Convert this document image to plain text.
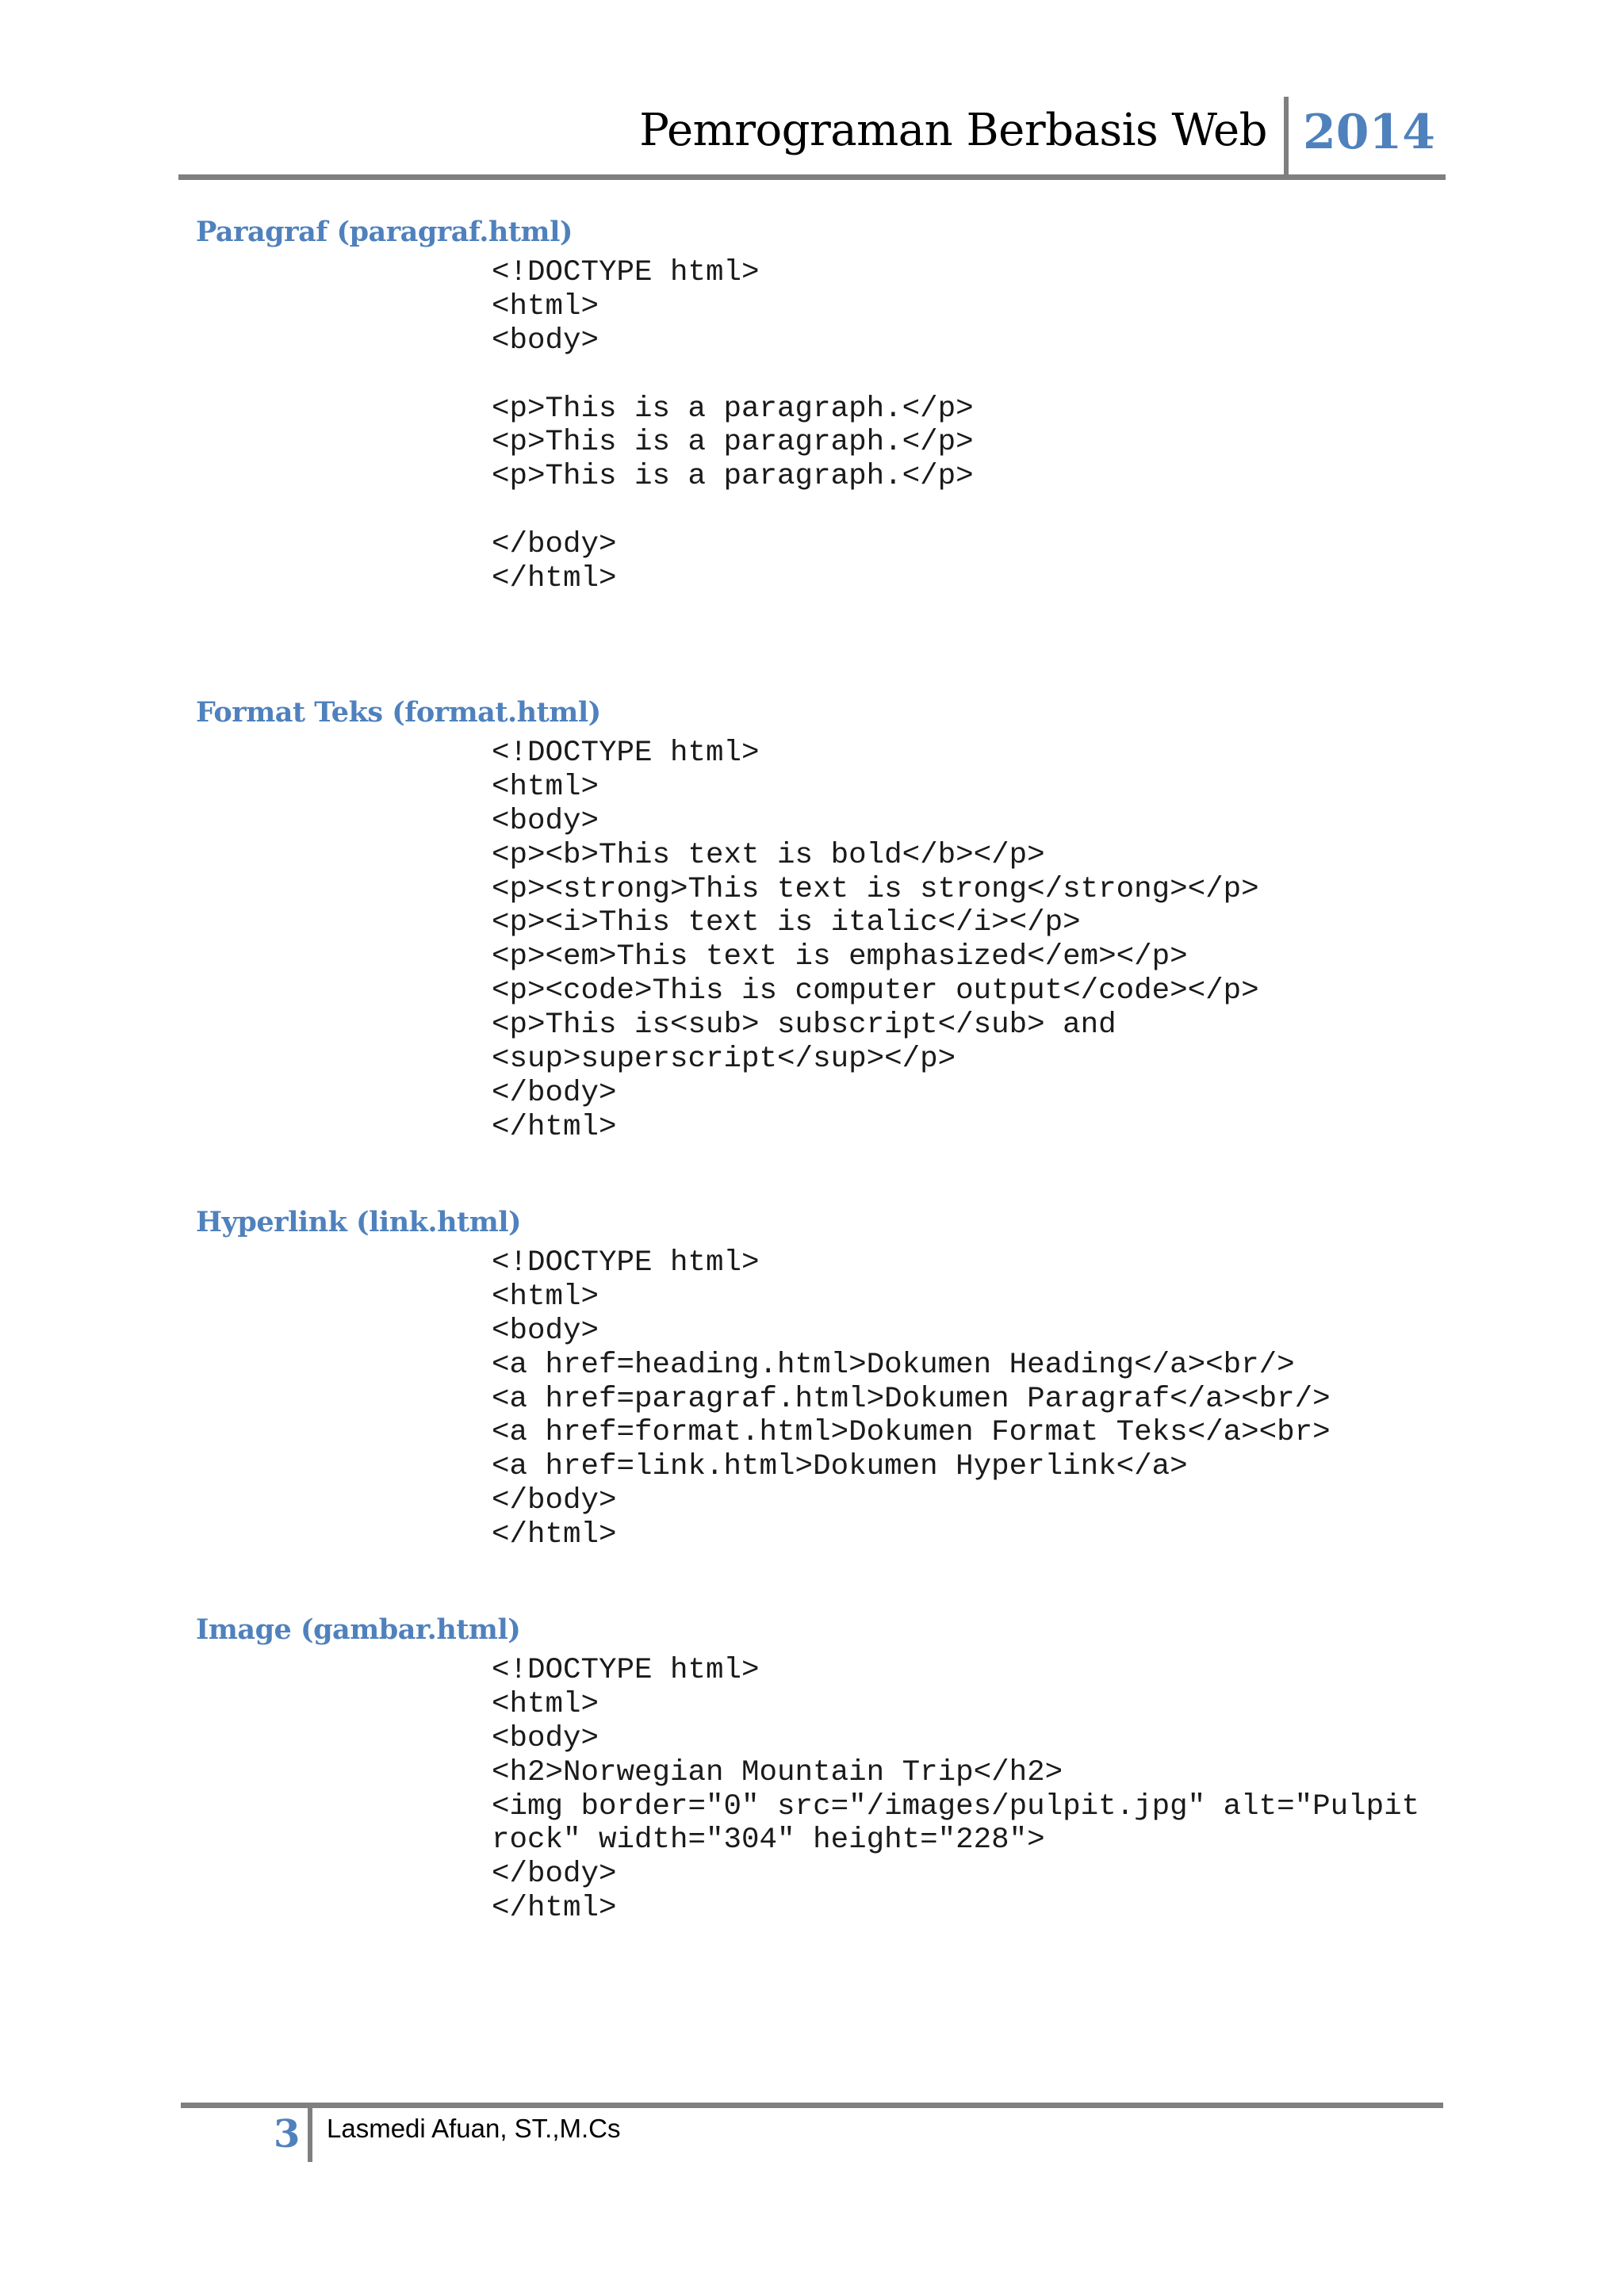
Pemrograman Berbasis Web 2014
Paragraf (paragraf.html)
<!DOCTYPE html>
<html>
<body>

<p>This is a paragraph.</p>
<p>This is a paragraph.</p>
<p>This is a paragraph.</p>

</body>
</html>
Format Teks (format.html)
<!DOCTYPE html>
<html>
<body>
<p><b>This text is bold</b></p>
<p><strong>This text is strong</strong></p>
<p><i>This text is italic</i></p>
<p><em>This text is emphasized</em></p>
<p><code>This is computer output</code></p>
<p>This is<sub> subscript</sub> and
<sup>superscript</sup></p>
</body>
</html>
Hyperlink (link.html)
<!DOCTYPE html>
<html>
<body>
<a href=heading.html>Dokumen Heading</a><br/>
<a href=paragraf.html>Dokumen Paragraf</a><br/>
<a href=format.html>Dokumen Format Teks</a><br>
<a href=link.html>Dokumen Hyperlink</a>
</body>
</html>
Image (gambar.html)
<!DOCTYPE html>
<html>
<body>
<h2>Norwegian Mountain Trip</h2>
<img border="0" src="/images/pulpit.jpg" alt="Pulpit
rock" width="304" height="228">
</body>
</html>
3 Lasmedi Afuan, ST.,M.Cs
